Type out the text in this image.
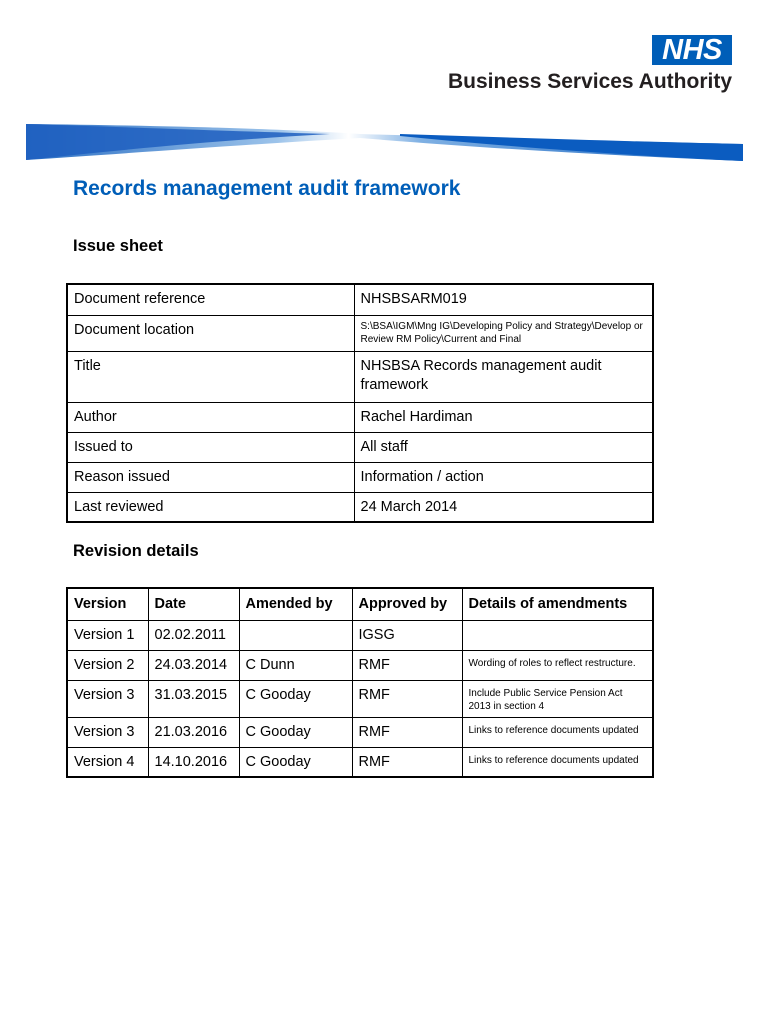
NHS
Business Services Authority
Records management audit framework
Issue sheet
Document reference	NHSBSARM019
Document location	S:\BSA\IGM\Mng IG\Developing Policy and Strategy\Develop or Review RM Policy\Current and Final
Title	NHSBSA Records management audit framework
Author	Rachel Hardiman
Issued to	All staff
Reason issued	Information / action
Last reviewed	24 March 2014
Revision details
Version	Date	Amended by	Approved by	Details of amendments
Version 1	02.02.2011		IGSG	
Version 2	24.03.2014	C Dunn	RMF	Wording of roles to reflect restructure.
Version 3	31.03.2015	C Gooday	RMF	Include Public Service Pension Act 2013 in section 4
Version 3	21.03.2016	C Gooday	RMF	Links to reference documents updated
Version 4	14.10.2016	C Gooday	RMF	Links to reference documents updated
